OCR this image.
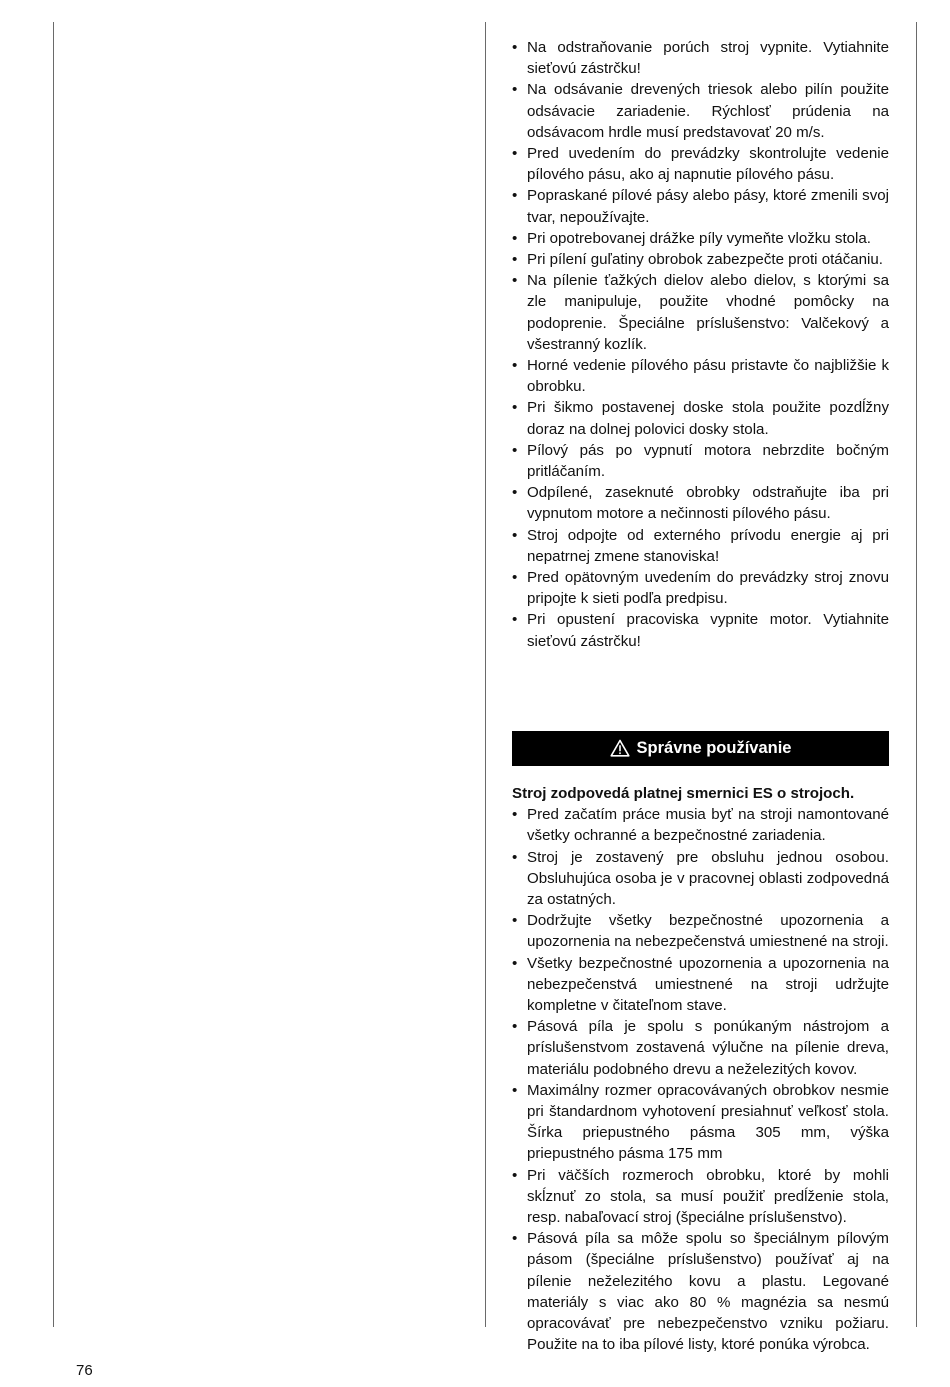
• Na odstraňovanie porúch stroj vypnite. Vytiahnite sieťovú zástrčku!
• Na odsávanie drevených triesok alebo pilín použite odsávacie zariadenie. Rýchlosť prúdenia na odsávacom hrdle musí predstavovať 20 m/s.
• Pred uvedením do prevádzky skontrolujte vedenie pílového pásu, ako aj napnutie pílového pásu.
• Popraskané pílové pásy alebo pásy, ktoré zmenili svoj tvar, nepoužívajte.
• Pri opotrebovanej drážke píly vymeňte vložku stola.
• Pri pílení guľatiny obrobok zabezpečte proti otáčaniu.
• Na pílenie ťažkých dielov alebo dielov, s ktorými sa zle manipuluje, použite vhodné pomôcky na podoprenie. Špeciálne príslušenstvo: Valčekový a všestranný kozlík.
• Horné vedenie pílového pásu pristavte čo najbližšie k obrobku.
• Pri šikmo postavenej doske stola použite pozdĺžny doraz na dolnej polovici dosky stola.
• Pílový pás po vypnutí motora nebrzdite bočným pritláčaním.
• Odpílené, zaseknuté obrobky odstraňujte iba pri vypnutom motore a nečinnosti pílového pásu.
• Stroj odpojte od externého prívodu energie aj pri nepatrnej zmene stanoviska!
• Pred opätovným uvedením do prevádzky stroj znovu pripojte k sieti podľa predpisu.
• Pri opustení pracoviska vypnite motor. Vytiahnite sieťovú zástrčku!
Správne používanie

Stroj zodpovedá platnej smernici ES o strojoch.

• Pred začatím práce musia byť na stroji namontované všetky ochranné a bezpečnostné zariadenia.
• Stroj je zostavený pre obsluhu jednou osobou. Obsluhujúca osoba je v pracovnej oblasti zodpovedná za ostatných.
• Dodržujte všetky bezpečnostné upozornenia a upozornenia na nebezpečenstvá umiestnené na stroji.
• Všetky bezpečnostné upozornenia a upozornenia na nebezpečenstvá umiestnené na stroji udržujte kompletne v čitateľnom stave.
• Pásová píla je spolu s ponúkaným nástrojom a príslušenstvom zostavená výlučne na pílenie dreva, materiálu podobného drevu a neželezitých kovov.
• Maximálny rozmer opracovávaných obrobkov nesmie pri štandardnom vyhotovení presiahnuť veľkosť stola. Šírka priepustného pásma 305 mm, výška priepustného pásma 175 mm
• Pri väčších rozmeroch obrobku, ktoré by mohli skĺznuť zo stola, sa musí použiť predĺženie stola, resp. nabaľovací stroj (špeciálne príslušenstvo).
• Pásová píla sa môže spolu so špeciálnym pílovým pásom (špeciálne príslušenstvo) používať aj na pílenie neželezitého kovu a plastu. Legované materiály s viac ako 80 % magnézia sa nesmú opracovávať pre nebezpečenstvo vzniku požiaru. Použite na to iba pílové listy, ktoré ponúka výrobca.
76
